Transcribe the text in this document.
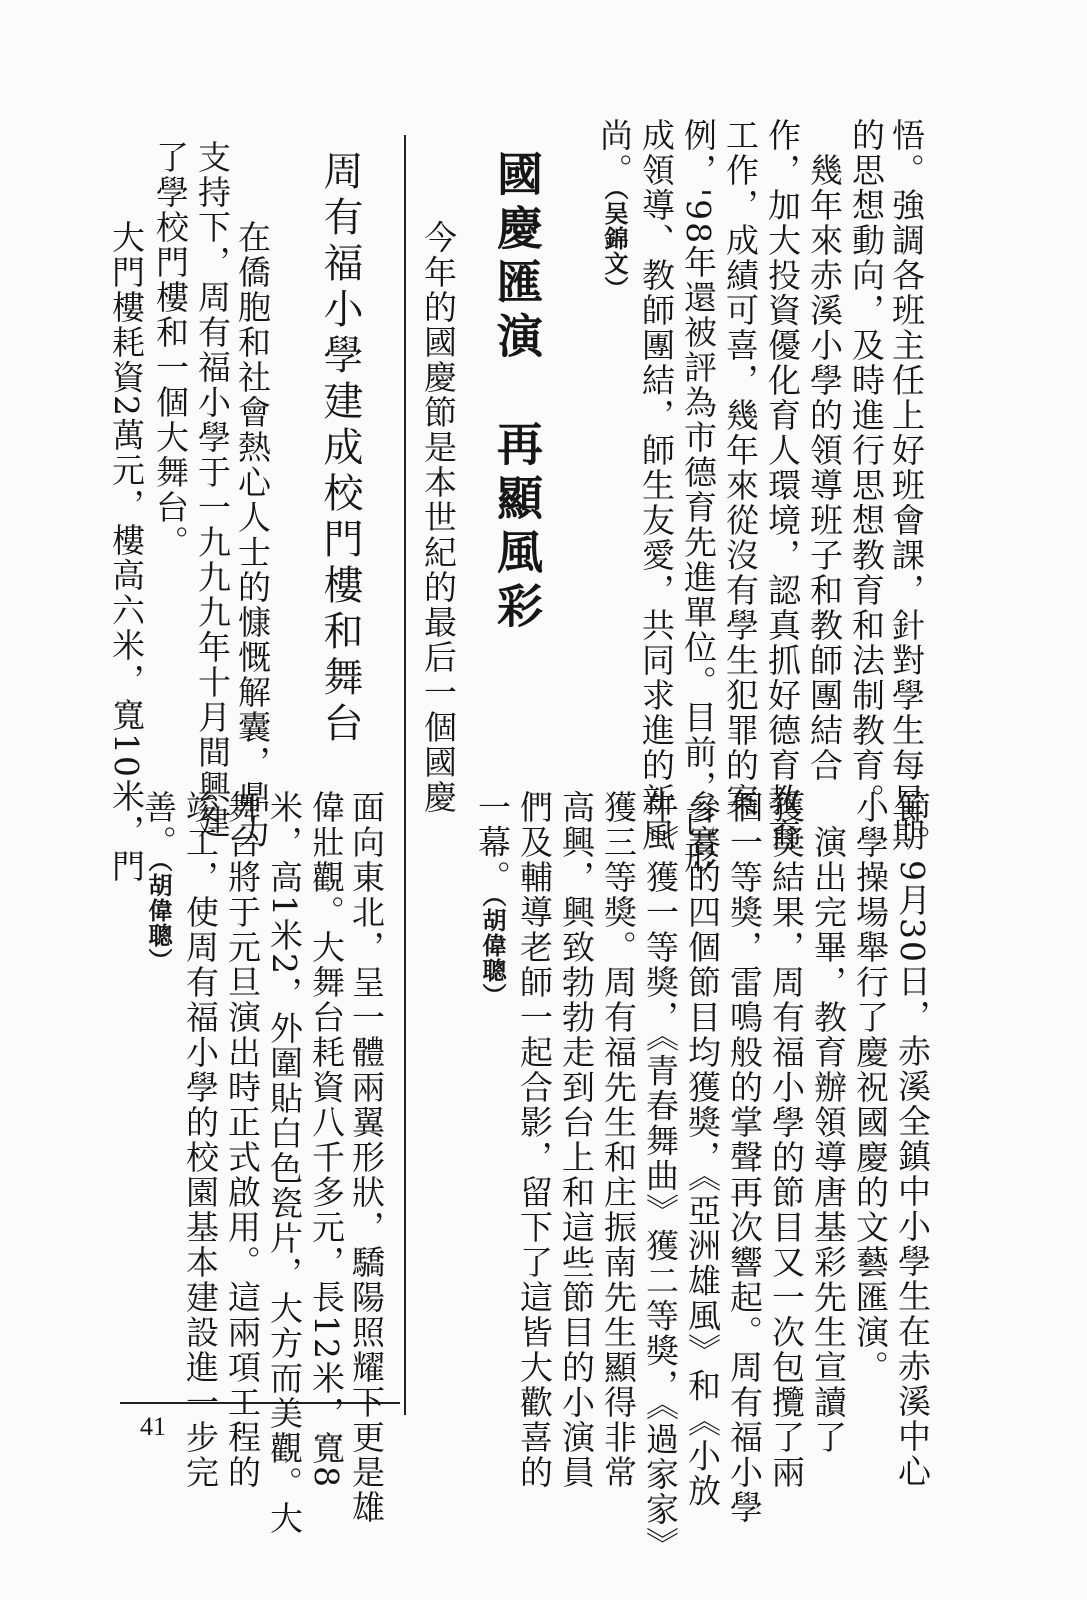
悟。強調各班主任上好班會課，針對學生每星期
的思想動向，及時進行思想教育和法制教育。
　幾年來赤溪小學的領導班子和教師團結合
作，加大投資優化育人環境，認真抓好德育教育
工作，成績可喜，幾年來從沒有學生犯罪的案
例，'98年還被評為市德育先進單位。目前，已形
成領導、教師團結，師生友愛，共同求進的新風
尚。（吴錦文）
國慶匯演　再顯風彩
　今年的國慶節是本世紀的最后一個國慶
周有福小學建成校門樓和舞台
　在僑胞和社會熱心人士的慷慨解囊，鼎力
支持下，周有福小學于一九九九年十月間興建
了學校門樓和一個大舞台。
　大門樓耗資2萬元，樓高六米，寬10米，門
節。9月30日，赤溪全鎮中小學生在赤溪中心
小學操場舉行了慶祝國慶的文藝匯演。
　演出完畢，教育辦領導唐基彩先生宣讀了
獲獎結果，周有福小學的節目又一次包攬了兩
個一等獎，雷鳴般的掌聲再次響起。周有福小學
參賽的四個節目均獲獎，《亞洲雄風》和《小放
牛》獲一等獎，《青春舞曲》獲二等獎，《過家家》
獲三等獎。周有福先生和庄振南先生顯得非常
高興，興致勃勃走到台上和這些節目的小演員
們及輔導老師一起合影，留下了這皆大歡喜的
一幕。（胡偉聰）
面向東北，呈一體兩翼形狀，驕陽照耀下更是雄
偉壯觀。大舞台耗資八千多元，長12米，寬8
米，高1米2，外圍貼白色瓷片，大方而美觀。大
舞台將于元旦演出時正式啟用。這兩項工程的
竣工，使周有福小學的校園基本建設進一步完
善。（胡偉聰）
41
